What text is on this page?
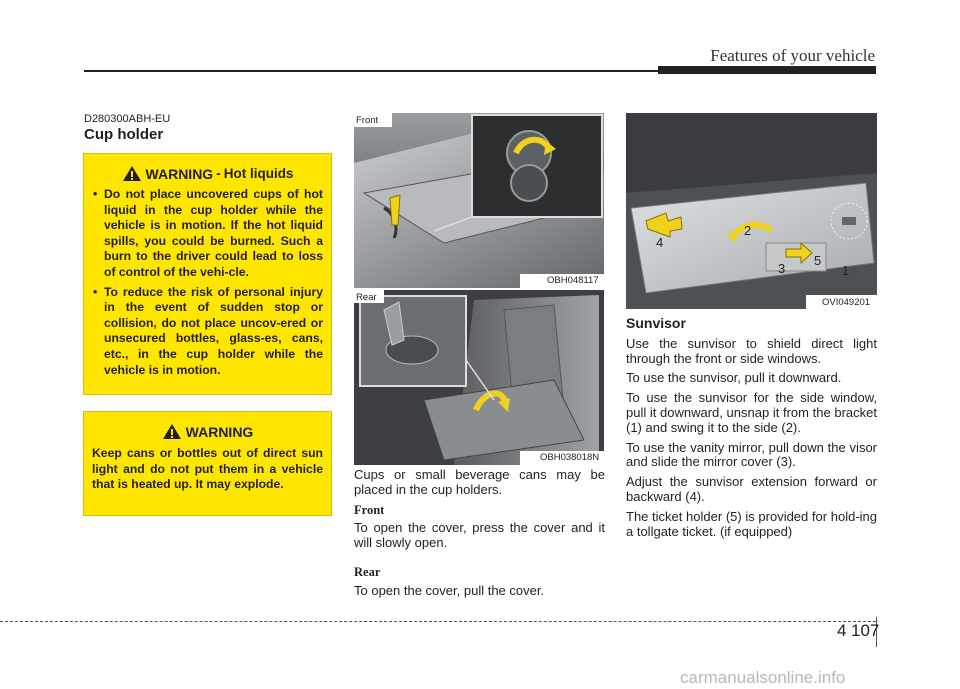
Features of your vehicle
D280300ABH-EU
Cup holder
WARNING - Hot liquids
• Do not place uncovered cups of hot liquid in the cup holder while the vehicle is in motion. If the hot liquid spills, you could be burned. Such a burn to the driver could lead to loss of control of the vehi-cle.
• To reduce the risk of personal injury in the event of sudden stop or collision, do not place uncov-ered or unsecured bottles, glass-es, cans, etc., in the cup holder while the vehicle is in motion.
WARNING

Keep cans or bottles out of direct sun light and do not put them in a vehicle that is heated up. It may explode.

Front
OBH048117
Rear
OBH038018N

Cups or small beverage cans may be placed in the cup holders.

Front

To open the cover, press the cover and it will slowly open.

Rear

To open the cover, pull the cover.

2
4
3
5
1
OVI049201
Sunvisor

Use the sunvisor to shield direct light through the front or side windows.

To use the sunvisor, pull it downward.

To use the sunvisor for the side window, pull it downward, unsnap it from the bracket (1) and swing it to the side (2).

To use the vanity mirror, pull down the visor and slide the mirror cover (3).

Adjust the sunvisor extension forward or backward (4).

The ticket holder (5) is provided for hold-ing a tollgate ticket. (if equipped)

4 107
carmanualsonline.info
